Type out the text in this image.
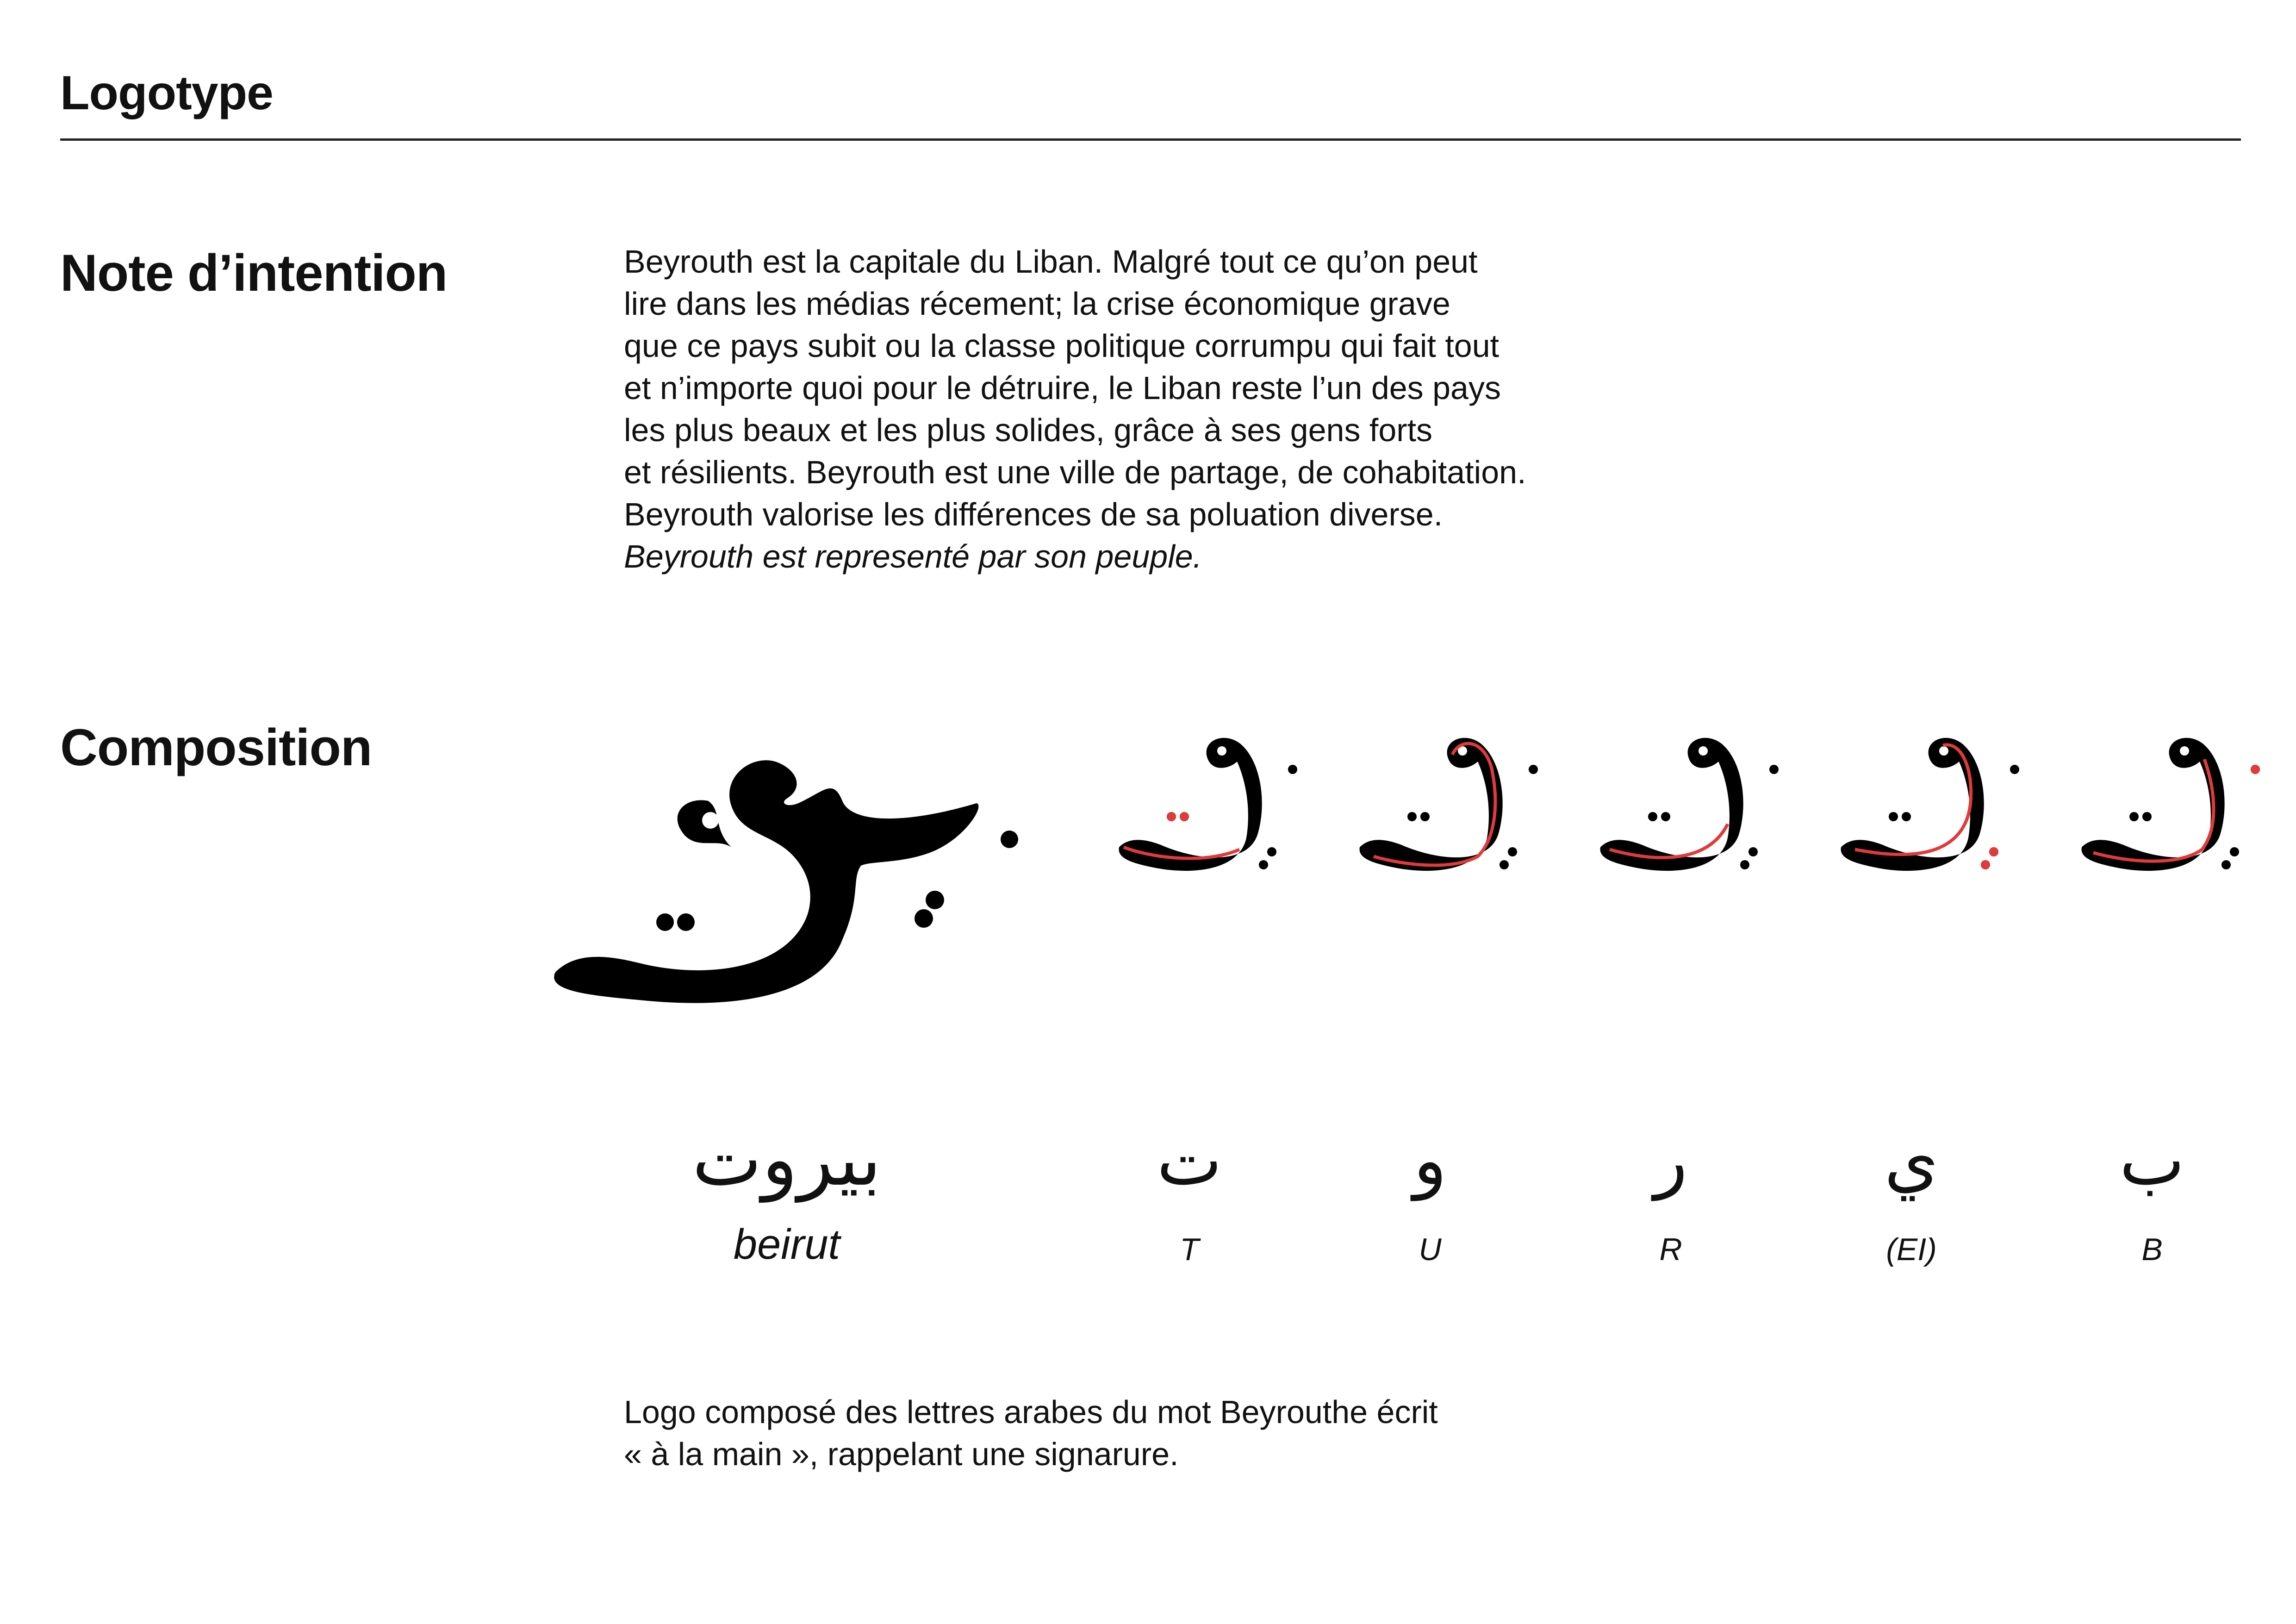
Logotype
Note d’intention	Beyrouth est la capitale du Liban. Malgré tout ce qu’on peut
lire dans les médias récement; la crise économique grave
que ce pays subit ou la classe politique corrumpu qui fait tout
et n’importe quoi pour le détruire, le Liban reste l’un des pays
les plus beaux et les plus solides, grâce à ses gens forts
et résilients. Beyrouth est une ville de partage, de cohabitation.
Beyrouth valorise les différences de sa poluation diverse.
Beyrouth est representé par son peuple.
Composition
بيروت
beirut
ت
T
و
U
ر
R
ي
(EI)
ب
B
Logo composé des lettres arabes du mot Beyrouthe écrit
« à la main », rappelant une signarure.
